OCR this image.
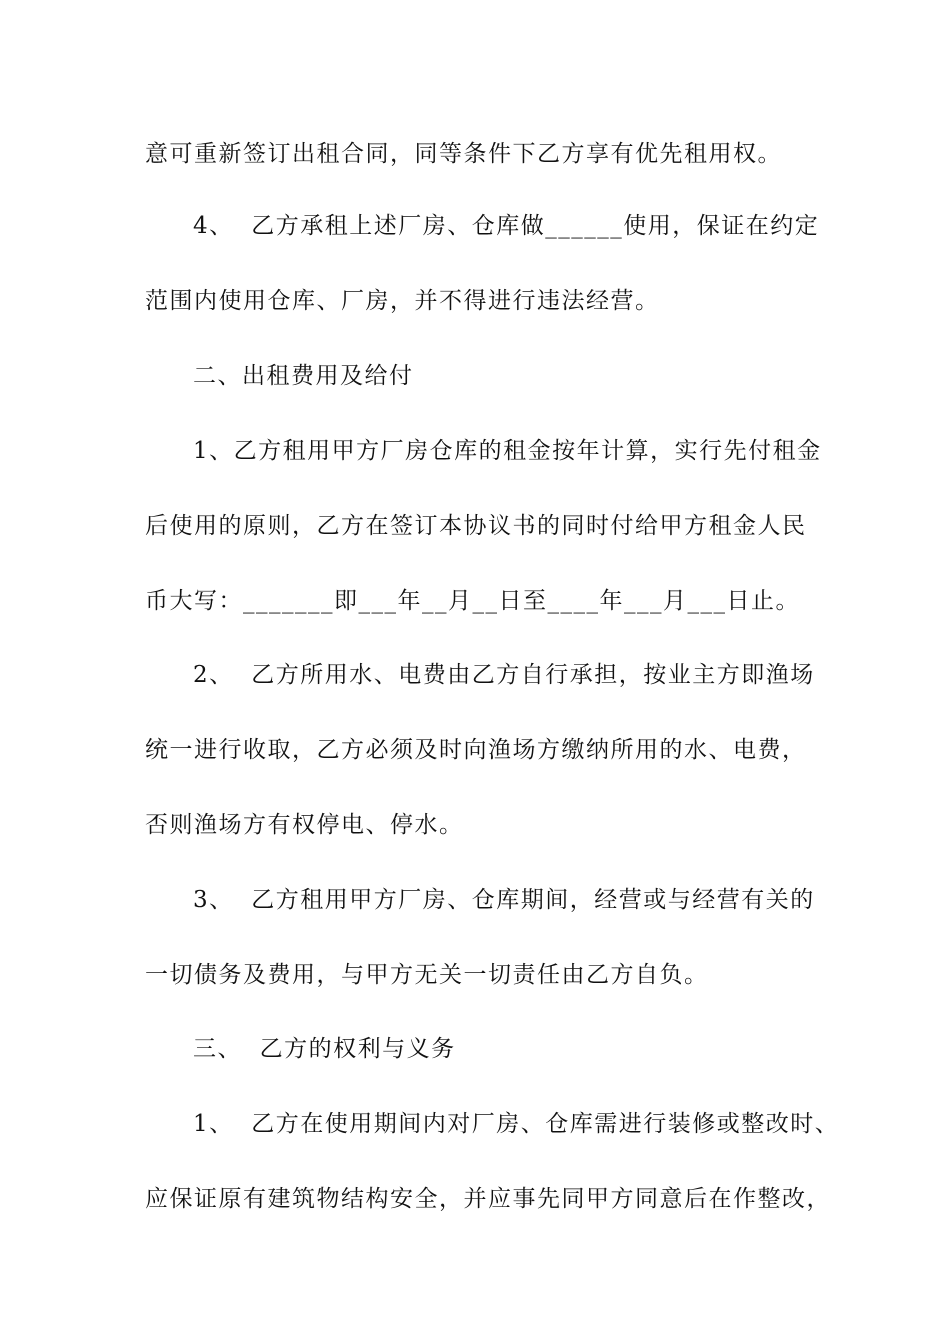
意可重新签订出租合同，同等条件下乙方享有优先租用权。
4、  乙方承租上述厂房、仓库做______使用，保证在约定
范围内使用仓库、厂房，并不得进行违法经营。
二、出租费用及给付
1、乙方租用甲方厂房仓库的租金按年计算，实行先付租金
后使用的原则，乙方在签订本协议书的同时付给甲方租金人民
币大写：_______即___年__月__日至____年___月___日止。
2、  乙方所用水、电费由乙方自行承担，按业主方即渔场
统一进行收取，乙方必须及时向渔场方缴纳所用的水、电费，
否则渔场方有权停电、停水。
3、  乙方租用甲方厂房、仓库期间，经营或与经营有关的
一切债务及费用，与甲方无关一切责任由乙方自负。
三、  乙方的权利与义务
1、  乙方在使用期间内对厂房、仓库需进行装修或整改时、
应保证原有建筑物结构安全，并应事先同甲方同意后在作整改，
